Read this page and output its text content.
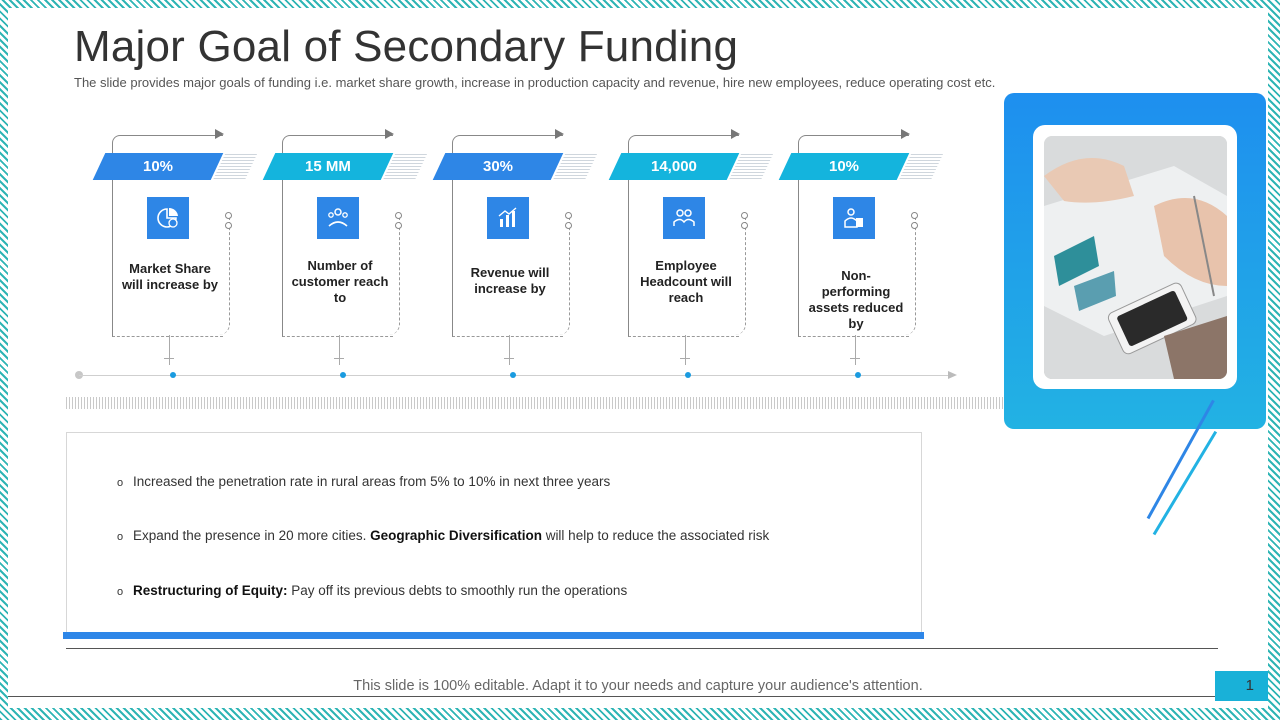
Major Goal of Secondary Funding
The slide provides major goals of funding i.e. market share growth, increase in production capacity and revenue, hire new employees, reduce operating cost etc.
10%
Market Share will increase by
15 MM
Number of customer reach to
30%
Revenue will increase by
14,000
Employee Headcount will reach
10%
Non-performing assets reduced by
o Increased the penetration rate in rural areas from 5% to 10% in next three years
o Expand the presence in 20 more cities. Geographic Diversification will help to reduce the associated risk
o Restructuring of Equity: Pay off its previous debts to smoothly run the operations
This slide is 100% editable. Adapt it to your needs and capture your audience's attention.	1
